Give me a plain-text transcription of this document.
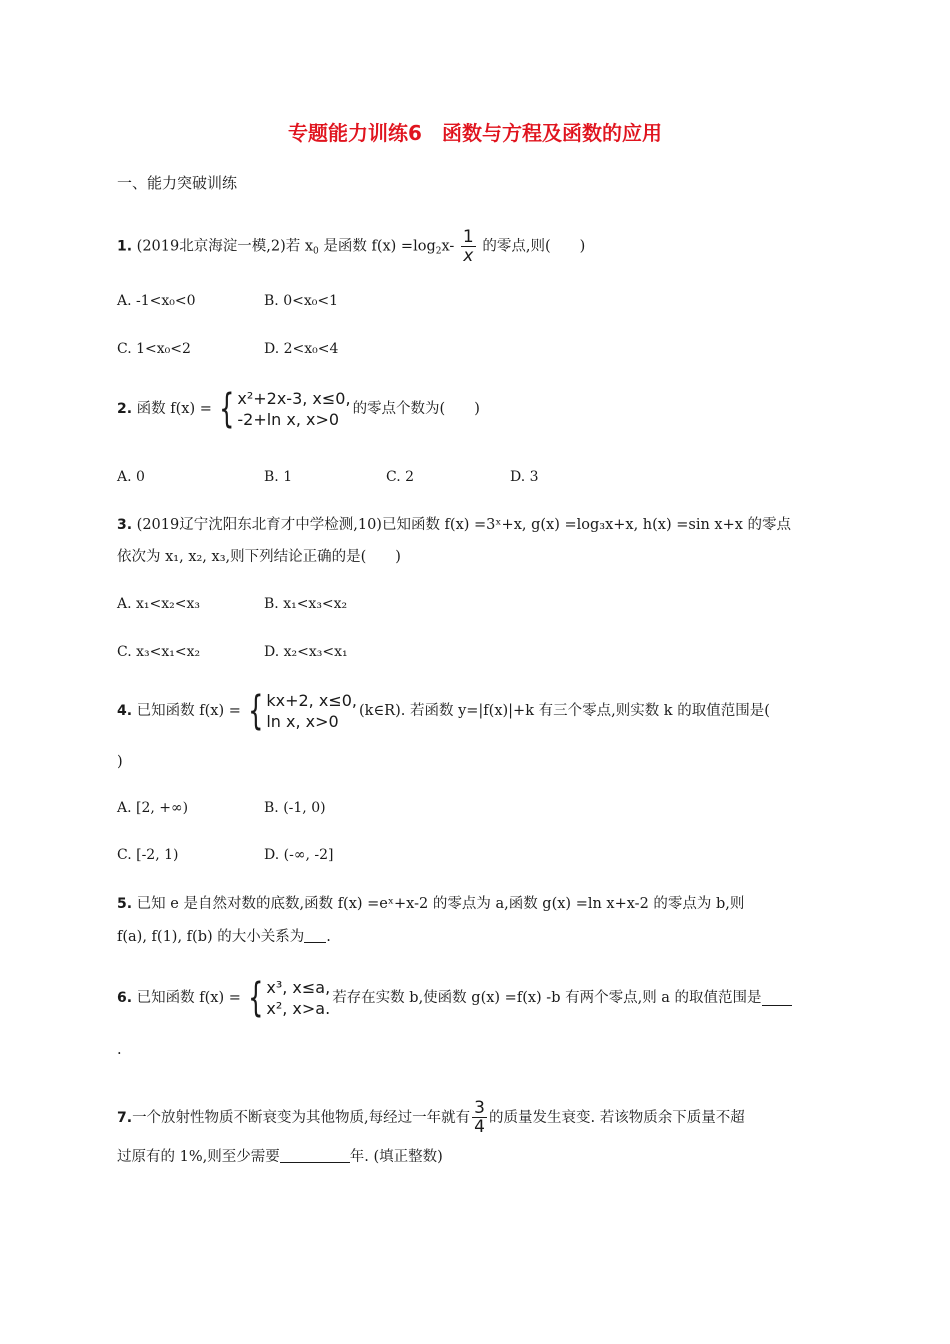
专题能力训练6　函数与方程及函数的应用
一、能力突破训练
1. (2019北京海淀一模,2)若 $x_0$ 是函数 $f(x) =\log_2x- \frac{1}{x}$ 的零点,则(　　)
A. -1<x₀<0	B. 0<x₀<1
C. 1<x₀<2	D. 2<x₀<4
2.
函数 f(x) = { x²+2x-3, x≤0,
-2+ln x, x>0
的零点个数为(　　)
A. 0	B. 1	C. 2	D. 3
3. (2019辽宁沈阳东北育才中学检测,10)已知函数 f(x) =3ˣ+x, g(x) =log₃x+x, h(x) =sin x+x 的零点
依次为 x₁, x₂, x₃,则下列结论正确的是(　　)
A. x₁<x₂<x₃	B. x₁<x₃<x₂
C. x₃<x₁<x₂	D. x₂<x₃<x₁
4.
已知函数 f(x) = { kx+2, x≤0,
ln x, x>0
(k∈R). 若函数 y=|f(x)|+k 有三个零点,则实数 k 的取值范围是(
)
A. [2, +∞)	B. (-1, 0)
C. [-2, 1)	D. (-∞, -2]
5. 已知 e 是自然对数的底数,函数 f(x) =eˣ+x-2 的零点为 a,函数 g(x) =ln x+x-2 的零点为 b,则
f(a), f(1), f(b) 的大小关系为 .
6.
已知函数 f(x) = { x³, x≤a,
x², x>a.
若存在实数 b,使函数 g(x) =f(x) -b 有两个零点,则 a 的取值范围是
.
7. 一个放射性物质不断衰变为其他物质,每经过一年就有 $\frac{3}{4}$ 的质量发生衰变. 若该物质余下质量不超
过原有的 1%,则至少需要	年. (填正整数)
